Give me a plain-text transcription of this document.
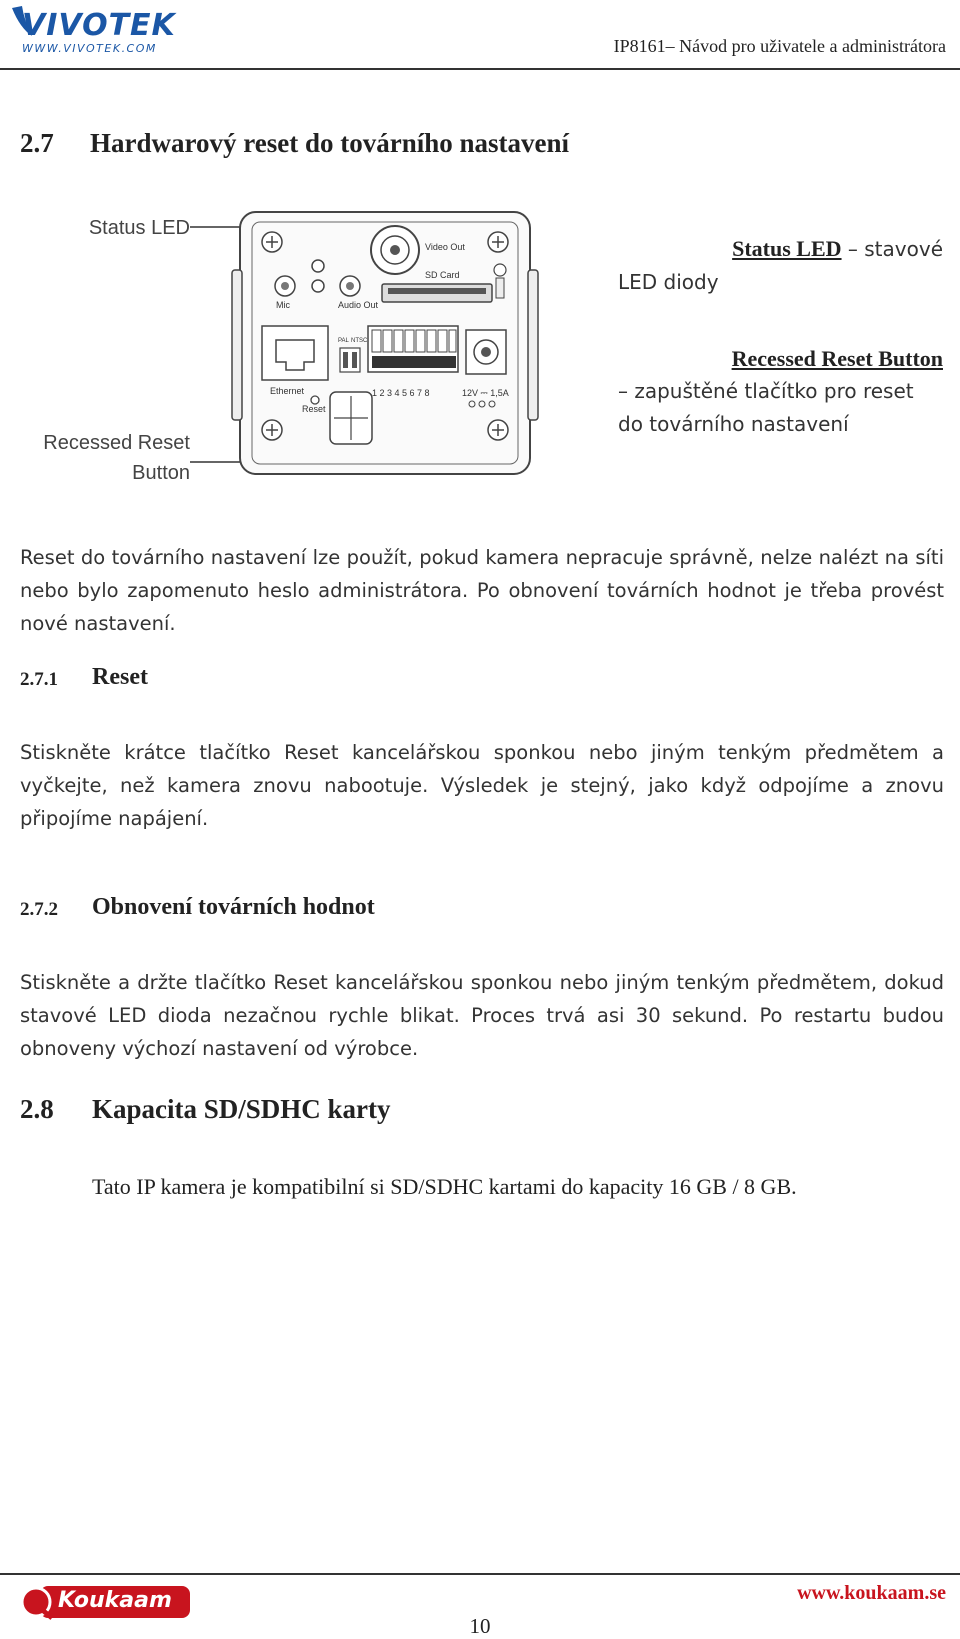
VIVOTEK
WWW.VIVOTEK.COM	IP8161– Návod pro uživatele a administrátora
2.7 Hardwarový reset do továrního nastavení
Status LED
Recessed Reset
Button
Mic	Audio Out
Video Out
SD Card
Ethernet
PAL NTSC
Reset
1 2 3 4 5 6 7 8	12V ⎓ 1,5A
Status LED – stavové
LED diody
Recessed Reset Button
– zapuštěné tlačítko pro reset do továrního nastavení
Reset do továrního nastavení lze použít, pokud kamera nepracuje správně, nelze nalézt na síti nebo bylo zapomenuto heslo administrátora. Po obnovení továrních hodnot je třeba provést nové nastavení.
2.7.1 Reset
Stiskněte krátce tlačítko Reset kancelářskou sponkou nebo jiným tenkým předmětem a vyčkejte, než kamera znovu nabootuje. Výsledek je stejný, jako když odpojíme a znovu připojíme napájení.
2.7.2 Obnovení továrních hodnot
Stiskněte a držte tlačítko Reset kancelářskou sponkou nebo jiným tenkým předmětem, dokud stavové LED dioda nezačnou rychle blikat. Proces trvá asi 30 sekund. Po restartu budou obnoveny výchozí nastavení od výrobce.
2.8 Kapacita SD/SDHC karty
Tato IP kamera je kompatibilní si SD/SDHC kartami do kapacity 16 GB / 8 GB.
Koukaam	www.koukaam.se
10
